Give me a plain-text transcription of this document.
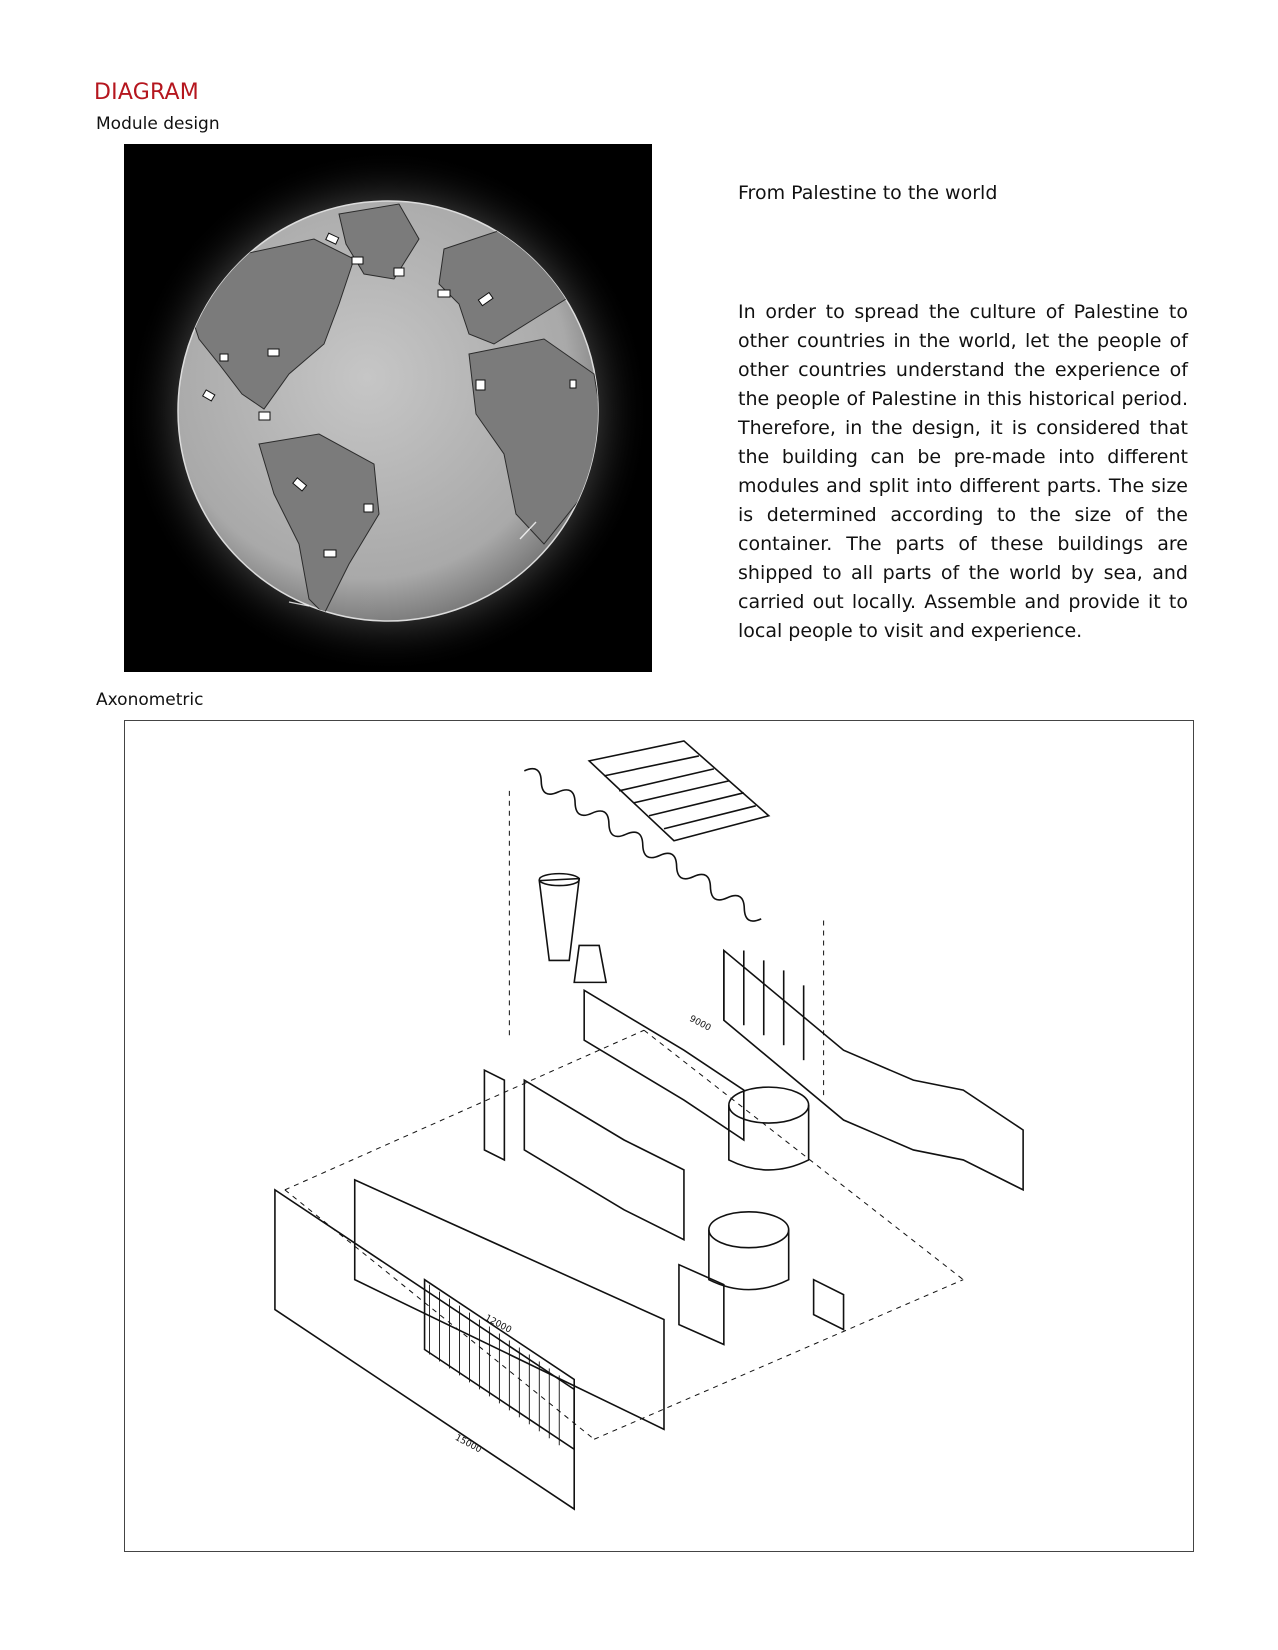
DIAGRAM
Module design
From Palestine to the world
In order to spread the culture of Palestine to other countries in the world, let the people of other countries understand the experience of the people of Palestine in this historical period. Therefore, in the design, it is considered that the building can be pre-made into different modules and split into different parts. The size is determined according to the size of the container. The parts of these buildings are shipped to all parts of the world by sea, and carried out locally. Assemble and provide it to local people to visit and experience.
Axonometric
9000
12000
15000
